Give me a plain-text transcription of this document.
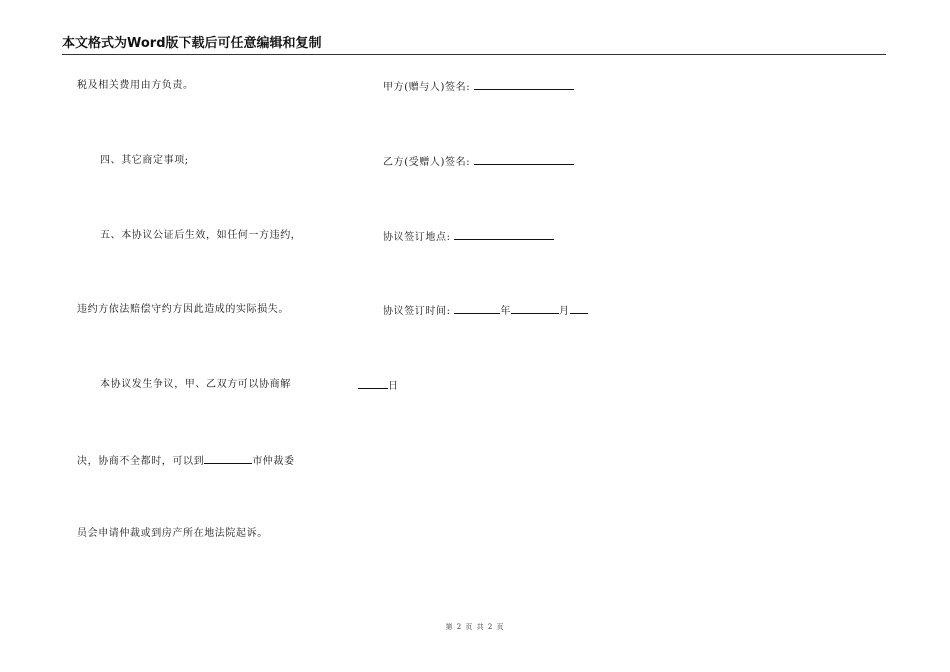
本文格式为Word版下载后可任意编辑和复制
税及相关费用由方负责。
四、其它商定事项;
五、本协议公证后生效，如任何一方违约，
违约方依法赔偿守约方因此造成的实际损失。
本协议发生争议，甲、乙双方可以协商解
决，协商不全都时，可以到	市仲裁委
员会申请仲裁或到房产所在地法院起诉。
甲方(赠与人)签名:
乙方(受赠人)签名:
协议签订地点:
协议签订时间:	年	月
日
第 2 页 共 2 页
